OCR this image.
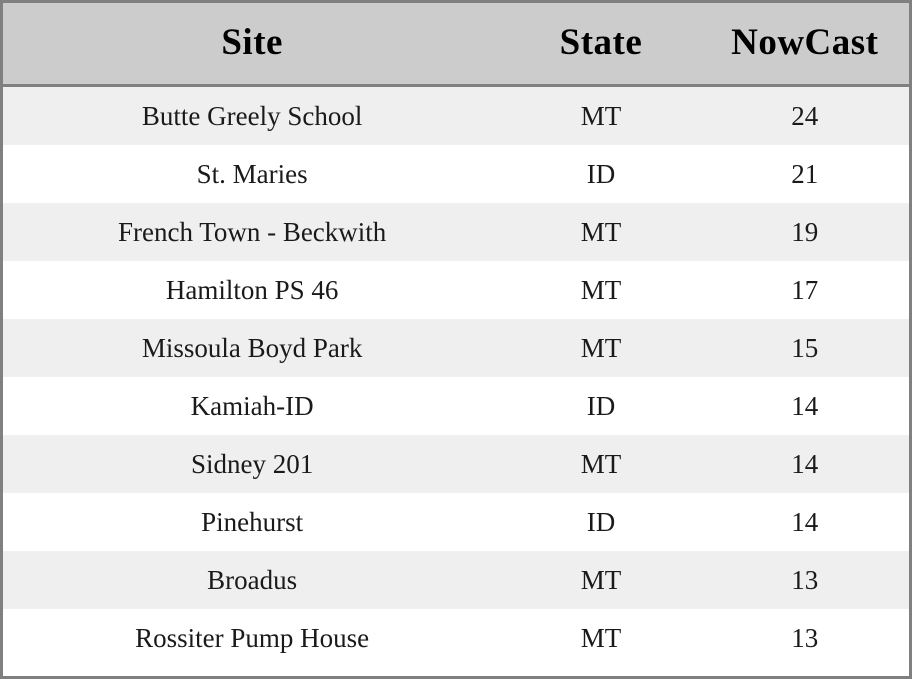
Site	State	NowCast
Butte Greely School	MT	24
St. Maries	ID	21
French Town - Beckwith	MT	19
Hamilton PS 46	MT	17
Missoula Boyd Park	MT	15
Kamiah-ID	ID	14
Sidney 201	MT	14
Pinehurst	ID	14
Broadus	MT	13
Rossiter Pump House	MT	13
